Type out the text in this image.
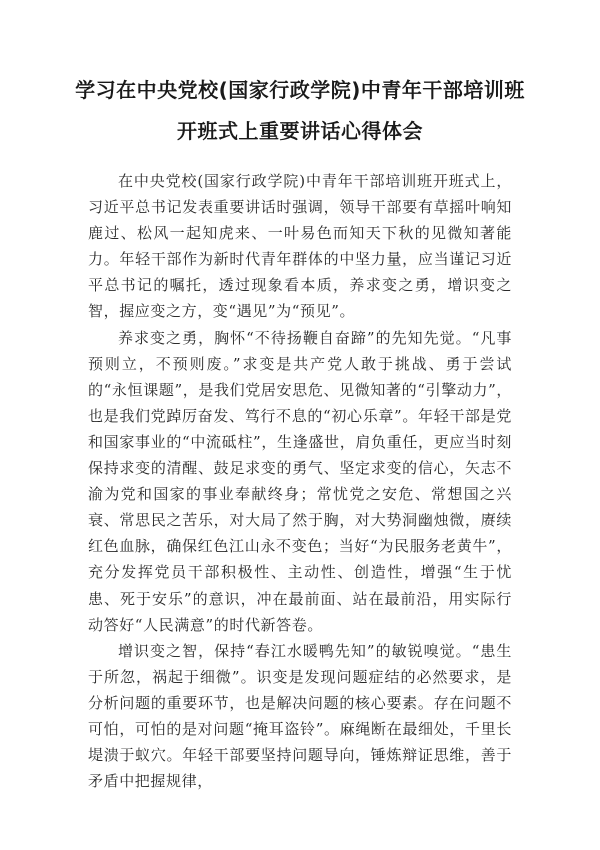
学习在中央党校(国家行政学院)中青年干部培训班
开班式上重要讲话心得体会

在中央党校(国家行政学院)中青年干部培训班开班式上，习近平总书记发表重要讲话时强调，领导干部要有草摇叶响知鹿过、松风一起知虎来、一叶易色而知天下秋的见微知著能力。年轻干部作为新时代青年群体的中坚力量，应当谨记习近平总书记的嘱托，透过现象看本质，养求变之勇，增识变之智，握应变之方，变“遇见”为“预见”。

养求变之勇，胸怀“不待扬鞭自奋蹄”的先知先觉。“凡事预则立，不预则废。”求变是共产党人敢于挑战、勇于尝试的“永恒课题”，是我们党居安思危、见微知著的“引擎动力”，也是我们党踔厉奋发、笃行不息的“初心乐章”。年轻干部是党和国家事业的“中流砥柱”，生逢盛世，肩负重任，更应当时刻保持求变的清醒、鼓足求变的勇气、坚定求变的信心，矢志不渝为党和国家的事业奉献终身；常忧党之安危、常想国之兴衰、常思民之苦乐，对大局了然于胸，对大势洞幽烛微，赓续红色血脉，确保红色江山永不变色；当好“为民服务老黄牛”，充分发挥党员干部积极性、主动性、创造性，增强“生于忧患、死于安乐”的意识，冲在最前面、站在最前沿，用实际行动答好“人民满意”的时代新答卷。

增识变之智，保持“春江水暖鸭先知”的敏锐嗅觉。“患生于所忽，祸起于细微”。识变是发现问题症结的必然要求，是分析问题的重要环节，也是解决问题的核心要素。存在问题不可怕，可怕的是对问题“掩耳盗铃”。麻绳断在最细处，千里长堤溃于蚁穴。年轻干部要坚持问题导向，锤炼辩证思维，善于矛盾中把握规律，
